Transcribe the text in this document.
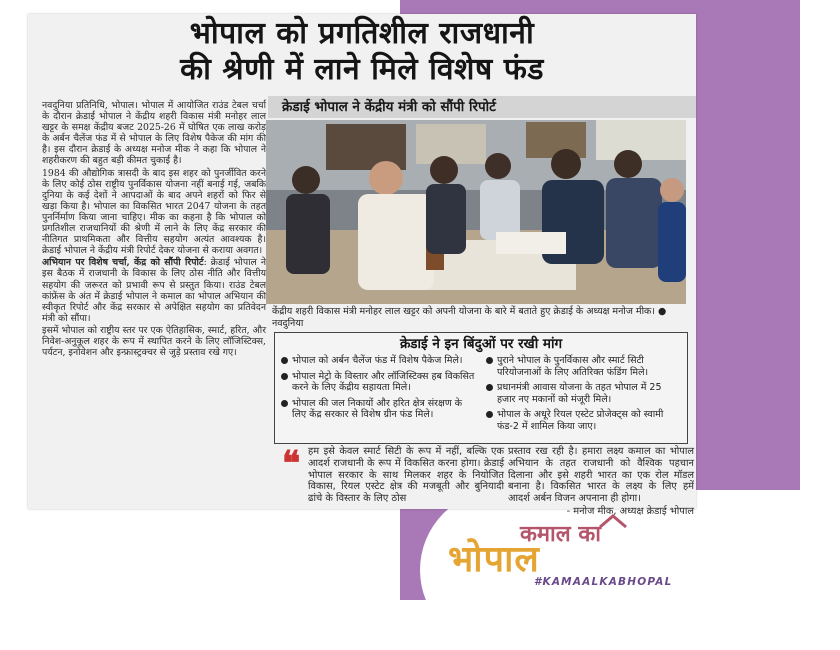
भोपाल को प्रगतिशील राजधानी
की श्रेणी में लाने मिले विशेष फंड

नवदुनिया प्रतिनिधि, भोपाल। भोपाल में आयोजित राउंड टेबल चर्चा के दौरान क्रेडाई भोपाल ने केंद्रीय शहरी विकास मंत्री मनोहर लाल खट्टर के समक्ष केंद्रीय बजट 2025-26 में घोषित एक लाख करोड़ के अर्बन चैलेंज फंड में से भोपाल के लिए विशेष पैकेज की मांग की है। इस दौरान क्रेडाई के अध्यक्ष मनोज मीक ने कहा कि भोपाल ने शहरीकरण की बहुत बड़ी कीमत चुकाई है।

1984 की औद्योगिक त्रासदी के बाद इस शहर को पुनर्जीवित करने के लिए कोई ठोस राष्ट्रीय पुनर्विकास योजना नहीं बनाई गई, जबकि दुनिया के कई देशों ने आपदाओं के बाद अपने शहरों को फिर से खड़ा किया है। भोपाल का विकसित भारत 2047 योजना के तहत पुनर्निर्माण किया जाना चाहिए। मीक का कहना है कि भोपाल को प्रगतिशील राजधानियों की श्रेणी में लाने के लिए केंद्र सरकार की नीतिगत प्राथमिकता और वित्तीय सहयोग अत्यंत आवश्यक है। क्रेडाई भोपाल ने केंद्रीय मंत्री रिपोर्ट देकर योजना से कराया अवगत।

अभियान पर विशेष चर्चा, केंद्र को सौंपी रिपोर्ट: क्रेडाई भोपाल ने इस बैठक में राजधानी के विकास के लिए ठोस नीति और वित्तीय सहयोग की जरूरत को प्रभावी रूप से प्रस्तुत किया। राउंड टेबल कांफ्रेंस के अंत में क्रेडाई भोपाल ने कमाल का भोपाल अभियान की स्वीकृत रिपोर्ट और केंद्र सरकार से अपेक्षित सहयोग का प्रतिवेदन मंत्री को सौंपा।

इसमें भोपाल को राष्ट्रीय स्तर पर एक ऐतिहासिक, स्मार्ट, हरित, और निवेश-अनुकूल शहर के रूप में स्थापित करने के लिए लॉजिस्टिक्स, पर्यटन, इनोवेशन और इन्फ्रास्ट्रक्चर से जुड़े प्रस्ताव रखे गए।

क्रेडाई भोपाल ने केंद्रीय मंत्री को सौंपी रिपोर्ट
केंद्रीय शहरी विकास मंत्री मनोहर लाल खट्टर को अपनी योजना के बारे में बताते हुए क्रेडाई के अध्यक्ष मनोज मीक। ● नवदुनिया
क्रेडाई ने इन बिंदुओं पर रखी मांग
भोपाल को अर्बन चैलेंज फंड में विशेष पैकेज मिले।
भोपाल मेट्रो के विस्तार और लॉजिस्टिक्स हब विकसित करने के लिए केंद्रीय सहायता मिले।
भोपाल की जल निकायों और हरित क्षेत्र संरक्षण के लिए केंद्र सरकार से विशेष ग्रीन फंड मिले।
पुराने भोपाल के पुनर्विकास और स्मार्ट सिटी परियोजनाओं के लिए अतिरिक्त फंडिंग मिले।
प्रधानमंत्री आवास योजना के तहत भोपाल में 25 हजार नए मकानों को मंजूरी मिले।
भोपाल के अधूरे रियल एस्टेट प्रोजेक्ट्स को स्वामी फंड-2 में शामिल किया जाए।
❝ हम इसे केवल स्मार्ट सिटी के रूप में नहीं, बल्कि एक आदर्श राजधानी के रूप में विकसित करना होगा। क्रेडाई भोपाल सरकार के साथ मिलकर शहर के नियोजित विकास, रियल एस्टेट क्षेत्र की मजबूती और बुनियादी ढांचे के विस्तार के लिए ठोस
प्रस्ताव रख रही है। हमारा लक्ष्य कमाल का भोपाल अभियान के तहत राजधानी को वैश्विक पहचान दिलाना और इसे शहरी भारत का एक रोल मॉडल बनाना है। विकसित भारत के लक्ष्य के लिए हमें आदर्श अर्बन विजन अपनाना ही होगा।
- मनोज मीक, अध्यक्ष क्रेडाई भोपाल
कमाल का
भोपाल
#KAMAALKABHOPAL
